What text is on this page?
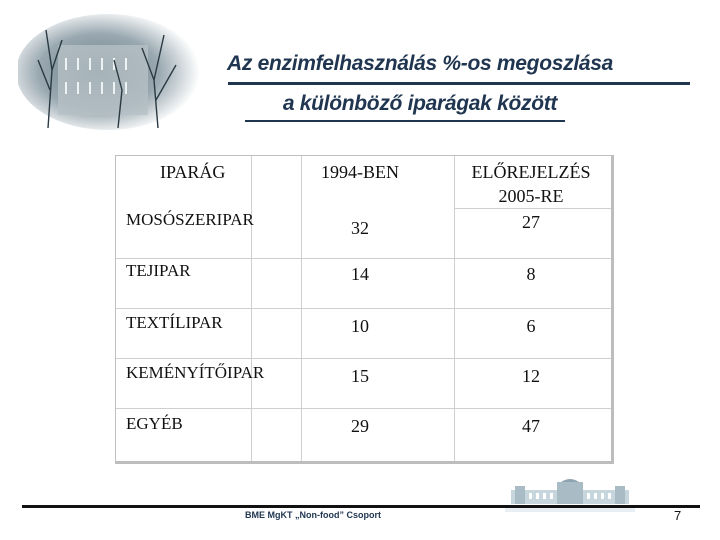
Az enzimfelhasználás %-os megoszlása
a különböző iparágak között
IPARÁG	1994-BEN	ELŐREJELZÉS
2005-RE
MOSÓSZERIPAR	32	27
TEJIPAR	14	8
TEXTÍLIPAR	10	6
KEMÉNYÍTŐIPAR	15	12
EGYÉB	29	47
BME MgKT „Non-food” Csoport	7
